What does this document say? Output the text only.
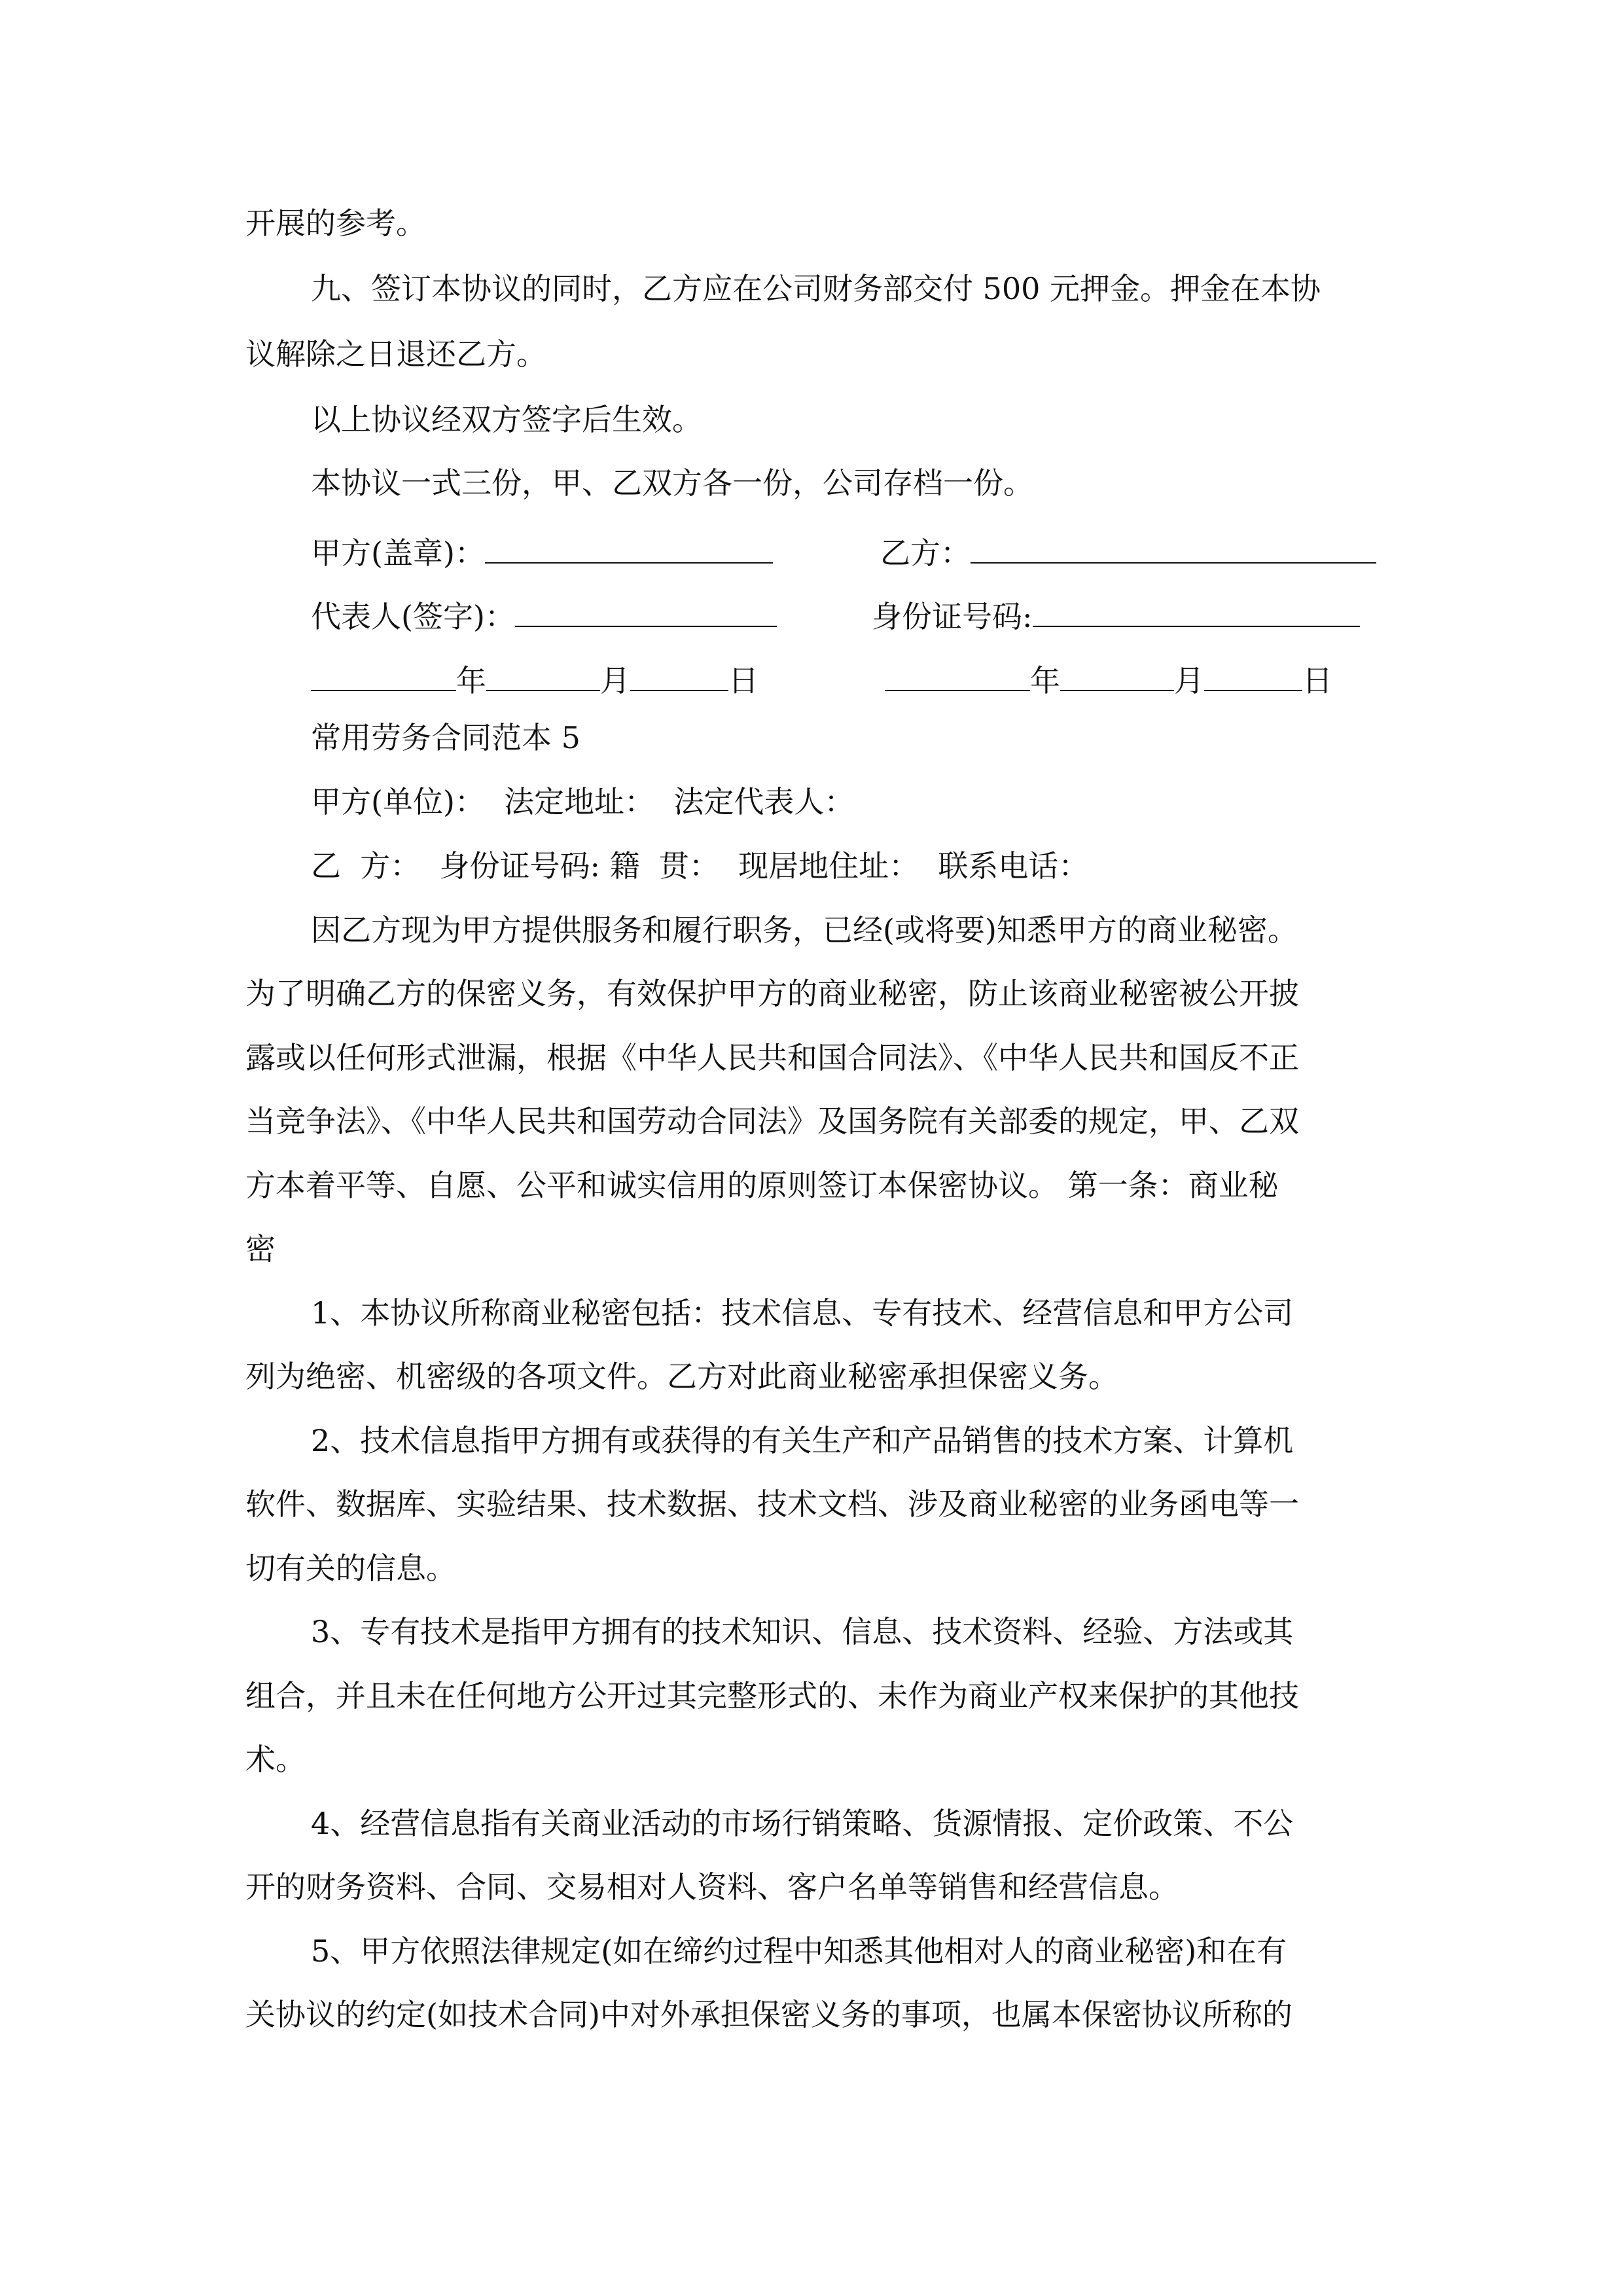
开展的参考。
九、签订本协议的同时，乙方应在公司财务部交付 500 元押金。押金在本协
议解除之日退还乙方。
以上协议经双方签字后生效。
本协议一式三份，甲、乙双方各一份，公司存档一份。
甲方(盖章)：	乙方：
代表人(签字)：	身份证号码:
年	月	日	年	月	日
常用劳务合同范本 5
甲方(单位)：  法定地址：  法定代表人：
乙  方：  身份证号码: 籍  贯：  现居地住址：  联系电话：
因乙方现为甲方提供服务和履行职务，已经(或将要)知悉甲方的商业秘密。
为了明确乙方的保密义务，有效保护甲方的商业秘密，防止该商业秘密被公开披
露或以任何形式泄漏，根据《中华人民共和国合同法》、《中华人民共和国反不正
当竞争法》、《中华人民共和国劳动合同法》及国务院有关部委的规定，甲、乙双
方本着平等、自愿、公平和诚实信用的原则签订本保密协议。 第一条：商业秘
密
1、本协议所称商业秘密包括：技术信息、专有技术、经营信息和甲方公司
列为绝密、机密级的各项文件。乙方对此商业秘密承担保密义务。
2、技术信息指甲方拥有或获得的有关生产和产品销售的技术方案、计算机
软件、数据库、实验结果、技术数据、技术文档、涉及商业秘密的业务函电等一
切有关的信息。
3、专有技术是指甲方拥有的技术知识、信息、技术资料、经验、方法或其
组合，并且未在任何地方公开过其完整形式的、未作为商业产权来保护的其他技
术。
4、经营信息指有关商业活动的市场行销策略、货源情报、定价政策、不公
开的财务资料、合同、交易相对人资料、客户名单等销售和经营信息。
5、甲方依照法律规定(如在缔约过程中知悉其他相对人的商业秘密)和在有
关协议的约定(如技术合同)中对外承担保密义务的事项，也属本保密协议所称的
